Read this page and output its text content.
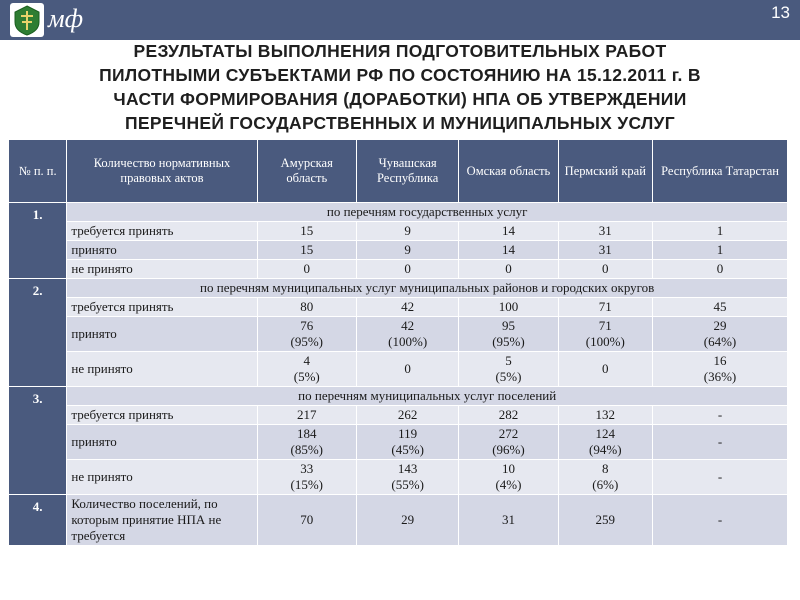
мф	13
РЕЗУЛЬТАТЫ ВЫПОЛНЕНИЯ ПОДГОТОВИТЕЛЬНЫХ РАБОТ
ПИЛОТНЫМИ СУБЪЕКТАМИ РФ ПО СОСТОЯНИЮ НА 15.12.2011 г. В
ЧАСТИ ФОРМИРОВАНИЯ (ДОРАБОТКИ) НПА ОБ УТВЕРЖДЕНИИ
ПЕРЕЧНЕЙ ГОСУДАРСТВЕННЫХ И МУНИЦИПАЛЬНЫХ УСЛУГ
№ п. п.	Количество нормативных правовых актов	Амурская область	Чувашская Республика	Омская область	Пермский край	Республика Татарстан
1.	по перечням государственных услуг					
	требуется принять	15	9	14	31	1

	принято	15	9	14	31	1

	не принято	0	0	0	0	0

2.	по перечням муниципальных услуг муниципальных районов и городских округов					
	требуется принять	80	42	100	71	45

	принято	76
(95%)	42
(100%)	95
(95%)	71
(100%)	29
(64%)

	не принято	4
(5%)	0	5
(5%)	0	16
(36%)

3.	по перечням муниципальных услуг поселений					
	требуется принять	217	262	282	132	-

	принято	184
(85%)	119
(45%)	272
(96%)	124
(94%)	-

	не принято	33
(15%)	143
(55%)	10
(4%)	8
(6%)	-

4.	Количество поселений, по которым принятие НПА не требуется	70	29	31	259	-
